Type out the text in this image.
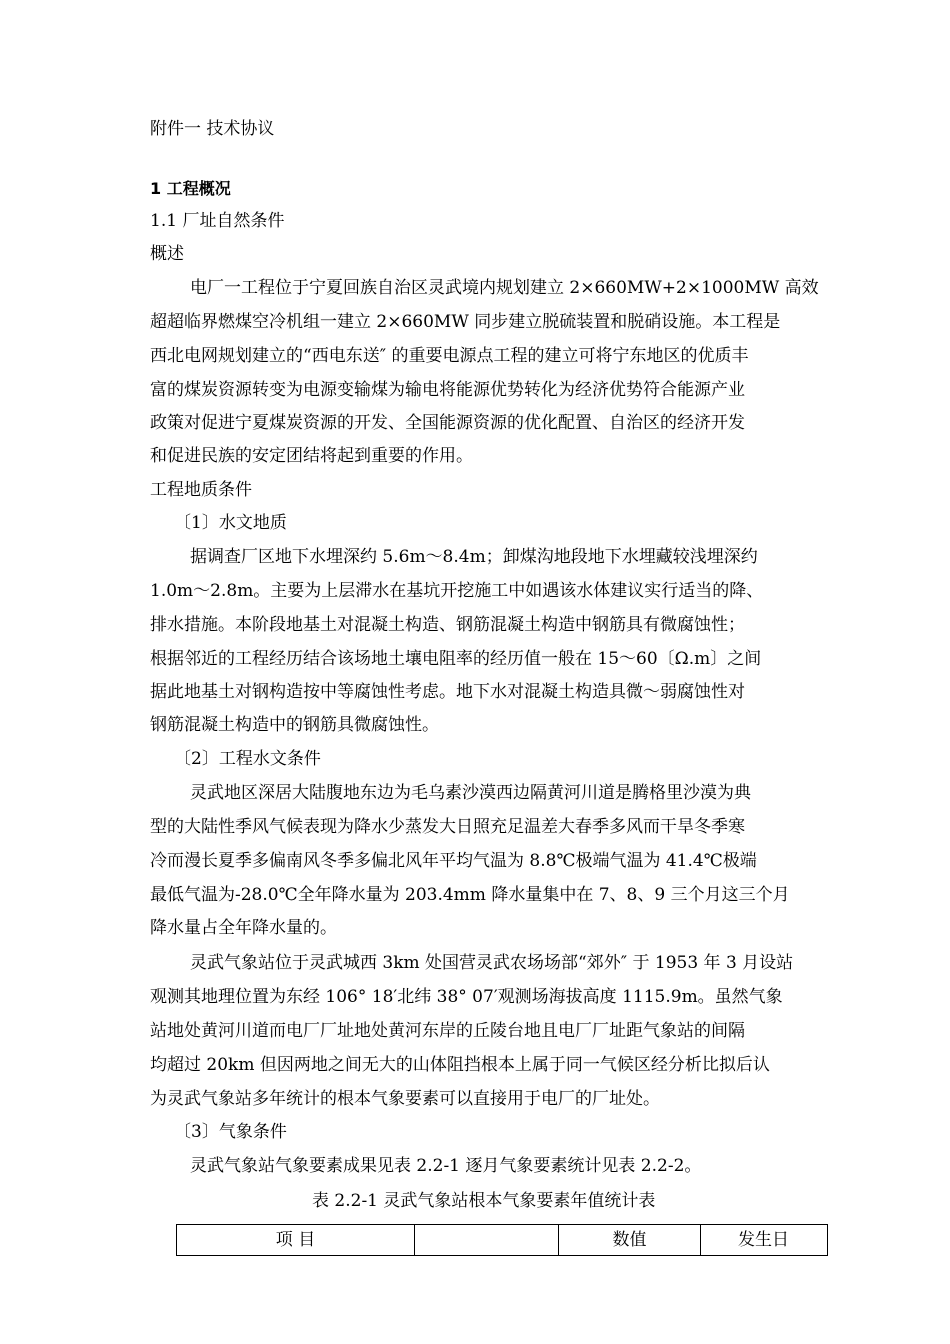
附件一 技术协议
1 工程概况
1.1 厂址自然条件
概述
电厂一工程位于宁夏回族自治区灵武境内规划建立 2×660MW+2×1000MW 高效
超超临界燃煤空冷机组一建立 2×660MW 同步建立脱硫装置和脱硝设施。本工程是
西北电网规划建立的“西电东送″ 的重要电源点工程的建立可将宁东地区的优质丰
富的煤炭资源转变为电源变输煤为输电将能源优势转化为经济优势符合能源产业
政策对促进宁夏煤炭资源的开发、全国能源资源的优化配置、自治区的经济开发
和促进民族的安定团结将起到重要的作用。
工程地质条件
〔1〕水文地质
据调查厂区地下水埋深约 5.6m～8.4m；卸煤沟地段地下水埋藏较浅埋深约
1.0m～2.8m。主要为上层滞水在基坑开挖施工中如遇该水体建议实行适当的降、
排水措施。本阶段地基土对混凝土构造、钢筋混凝土构造中钢筋具有微腐蚀性；
根据邻近的工程经历结合该场地土壤电阻率的经历值一般在 15～60〔Ω.m〕之间
据此地基土对钢构造按中等腐蚀性考虑。地下水对混凝土构造具微～弱腐蚀性对
钢筋混凝土构造中的钢筋具微腐蚀性。
〔2〕工程水文条件
灵武地区深居大陆腹地东边为毛乌素沙漠西边隔黄河川道是腾格里沙漠为典
型的大陆性季风气候表现为降水少蒸发大日照充足温差大春季多风而干旱冬季寒
冷而漫长夏季多偏南风冬季多偏北风年平均气温为 8.8℃极端气温为 41.4℃极端
最低气温为-28.0℃全年降水量为 203.4mm 降水量集中在 7、8、9 三个月这三个月
降水量占全年降水量的。
灵武气象站位于灵武城西 3km 处国营灵武农场场部“郊外″ 于 1953 年 3 月设站
观测其地理位置为东经 106° 18′北纬 38° 07′观测场海拔高度 1115.9m。虽然气象
站地处黄河川道而电厂厂址地处黄河东岸的丘陵台地且电厂厂址距气象站的间隔
均超过 20km 但因两地之间无大的山体阻挡根本上属于同一气候区经分析比拟后认
为灵武气象站多年统计的根本气象要素可以直接用于电厂的厂址处。
〔3〕气象条件
灵武气象站气象要素成果见表 2.2-1 逐月气象要素统计见表 2.2-2。
表 2.2-1 灵武气象站根本气象要素年值统计表
项 目	数值	发生日
